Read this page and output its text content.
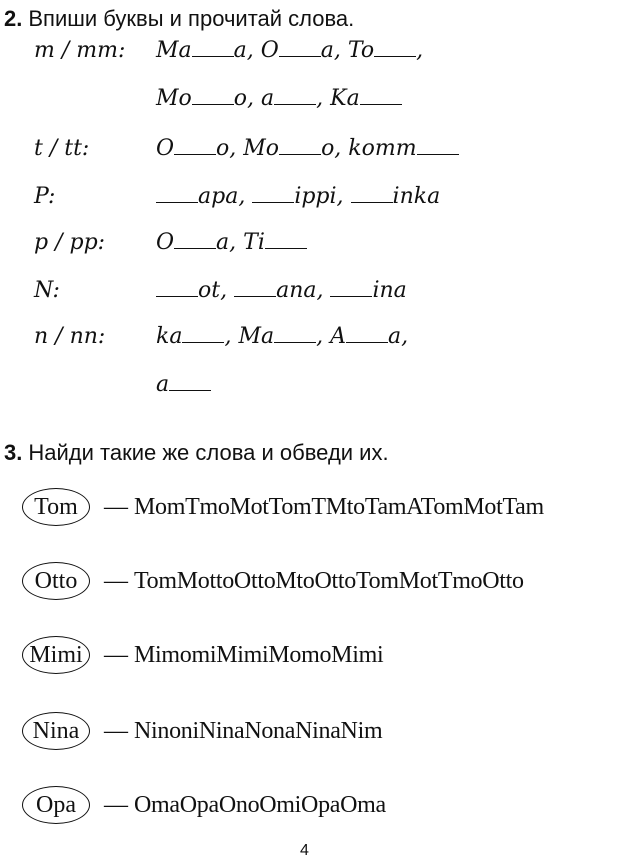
2. Впиши буквы и прочитай слова.
m / mm: Ma a, O a, To ,
Mo o, a , Ka
t / tt:	O o, Mo o, komm
P:	apa, ippi, inka
p / pp: O a, Ti
N:	ot, ana, ina
n / nn: ka , Ma , A a,
a
3. Найди такие же слова и обведи их.
Tom — MomTmoMotTomTMtoTamATomMotTam
Otto — TomMottoOttoMtoOttoTomMotTmoOtto
Mimi — MimomiMimiMomoMimi
Nina — NinoniNinaNonaNinaNim
Opa — OmaOpaOnoOmiOpaOma
4
